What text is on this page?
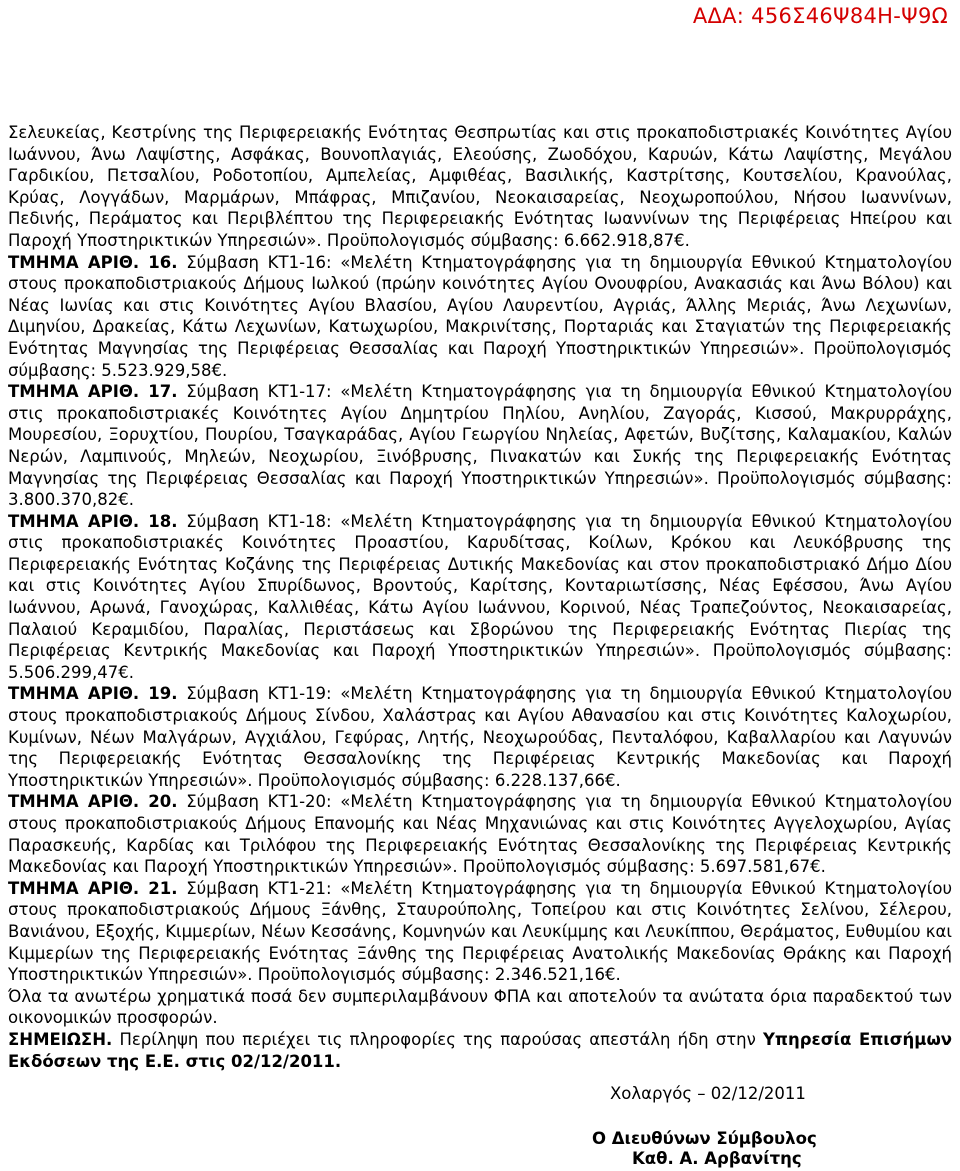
ΑΔΑ: 456Σ46Ψ84Η-Ψ9Ω

Σελευκείας, Κεστρίνης της Περιφερειακής Ενότητας Θεσπρωτίας και στις προκαποδιστριακές Κοινότητες Αγίου Ιωάννου, Άνω Λαψίστης, Ασφάκας, Βουνοπλαγιάς, Ελεούσης, Ζωοδόχου, Καρυών, Κάτω Λαψίστης, Μεγάλου Γαρδικίου, Πετσαλίου, Ροδοτοπίου, Αμπελείας, Αμφιθέας, Βασιλικής, Καστρίτσης, Κουτσελίου, Κρανούλας, Κρύας, Λογγάδων, Μαρμάρων, Μπάφρας, Μπιζανίου, Νεοκαισαρείας, Νεοχωροπούλου, Νήσου Ιωαννίνων, Πεδινής, Περάματος και Περιβλέπτου της Περιφερειακής Ενότητας Ιωαννίνων της Περιφέρειας Ηπείρου και Παροχή Υποστηρικτικών Υπηρεσιών». Προϋπολογισμός σύμβασης: 6.662.918,87€.

ΤΜΗΜΑ ΑΡΙΘ. 16. Σύμβαση ΚΤ1-16: «Μελέτη Κτηματογράφησης για τη δημιουργία Εθνικού Κτηματολογίου στους προκαποδιστριακούς Δήμους Ιωλκού (πρώην κοινότητες Αγίου Ονουφρίου, Ανακασιάς και Άνω Βόλου) και Νέας Ιωνίας και στις Κοινότητες Αγίου Βλασίου, Αγίου Λαυρεντίου, Αγριάς, Άλλης Μεριάς, Άνω Λεχωνίων, Διμηνίου, Δρακείας, Κάτω Λεχωνίων, Κατωχωρίου, Μακρινίτσης, Πορταριάς και Σταγιατών της Περιφερειακής Ενότητας Μαγνησίας της Περιφέρειας Θεσσαλίας και Παροχή Υποστηρικτικών Υπηρεσιών». Προϋπολογισμός σύμβασης: 5.523.929,58€.

ΤΜΗΜΑ ΑΡΙΘ. 17. Σύμβαση ΚΤ1-17: «Μελέτη Κτηματογράφησης για τη δημιουργία Εθνικού Κτηματολογίου στις προκαποδιστριακές Κοινότητες Αγίου Δημητρίου Πηλίου, Ανηλίου, Ζαγοράς, Κισσού, Μακρυρράχης, Μουρεσίου, Ξορυχτίου, Πουρίου, Τσαγκαράδας, Αγίου Γεωργίου Νηλείας, Αφετών, Βυζίτσης, Καλαμακίου, Καλών Νερών, Λαμπινούς, Μηλεών, Νεοχωρίου, Ξινόβρυσης, Πινακατών και Συκής της Περιφερειακής Ενότητας Μαγνησίας της Περιφέρειας Θεσσαλίας και Παροχή Υποστηρικτικών Υπηρεσιών». Προϋπολογισμός σύμβασης: 3.800.370,82€.

ΤΜΗΜΑ ΑΡΙΘ. 18. Σύμβαση ΚΤ1-18: «Μελέτη Κτηματογράφησης για τη δημιουργία Εθνικού Κτηματολογίου στις προκαποδιστριακές Κοινότητες Προαστίου, Καρυδίτσας, Κοίλων, Κρόκου και Λευκόβρυσης της Περιφερειακής Ενότητας Κοζάνης της Περιφέρειας Δυτικής Μακεδονίας και στον προκαποδιστριακό Δήμο Δίου και στις Κοινότητες Αγίου Σπυρίδωνος, Βροντούς, Καρίτσης, Κονταριωτίσσης, Νέας Εφέσσου, Άνω Αγίου Ιωάννου, Αρωνά, Γανοχώρας, Καλλιθέας, Κάτω Αγίου Ιωάννου, Κορινού, Νέας Τραπεζούντος, Νεοκαισαρείας, Παλαιού Κεραμιδίου, Παραλίας, Περιστάσεως και Σβορώνου της Περιφερειακής Ενότητας Πιερίας της Περιφέρειας Κεντρικής Μακεδονίας και Παροχή Υποστηρικτικών Υπηρεσιών». Προϋπολογισμός σύμβασης: 5.506.299,47€.

ΤΜΗΜΑ ΑΡΙΘ. 19. Σύμβαση ΚΤ1-19: «Μελέτη Κτηματογράφησης για τη δημιουργία Εθνικού Κτηματολογίου στους προκαποδιστριακούς Δήμους Σίνδου, Χαλάστρας και Αγίου Αθανασίου και στις Κοινότητες Καλοχωρίου, Κυμίνων, Νέων Μαλγάρων, Αγχιάλου, Γεφύρας, Λητής, Νεοχωρούδας, Πενταλόφου, Καβαλλαρίου και Λαγυνών της Περιφερειακής Ενότητας Θεσσαλονίκης της Περιφέρειας Κεντρικής Μακεδονίας και Παροχή Υποστηρικτικών Υπηρεσιών». Προϋπολογισμός σύμβασης: 6.228.137,66€.

ΤΜΗΜΑ ΑΡΙΘ. 20. Σύμβαση ΚΤ1-20: «Μελέτη Κτηματογράφησης για τη δημιουργία Εθνικού Κτηματολογίου στους προκαποδιστριακούς Δήμους Επανομής και Νέας Μηχανιώνας και στις Κοινότητες Αγγελοχωρίου, Αγίας Παρασκευής, Καρδίας και Τριλόφου της Περιφερειακής Ενότητας Θεσσαλονίκης της Περιφέρειας Κεντρικής Μακεδονίας και Παροχή Υποστηρικτικών Υπηρεσιών». Προϋπολογισμός σύμβασης: 5.697.581,67€.

ΤΜΗΜΑ ΑΡΙΘ. 21. Σύμβαση ΚΤ1-21: «Μελέτη Κτηματογράφησης για τη δημιουργία Εθνικού Κτηματολογίου στους προκαποδιστριακούς Δήμους Ξάνθης, Σταυρούπολης, Τοπείρου και στις Κοινότητες Σελίνου, Σέλερου, Βανιάνου, Εξοχής, Κιμμερίων, Νέων Κεσσάνης, Κομνηνών και Λευκίμμης και Λευκίππου, Θεράματος, Ευθυμίου και Κιμμερίων της Περιφερειακής Ενότητας Ξάνθης της Περιφέρειας Ανατολικής Μακεδονίας Θράκης και Παροχή Υποστηρικτικών Υπηρεσιών». Προϋπολογισμός σύμβασης: 2.346.521,16€.

Όλα τα ανωτέρω χρηματικά ποσά δεν συμπεριλαμβάνουν ΦΠΑ και αποτελούν τα ανώτατα όρια παραδεκτού των οικονομικών προσφορών.

ΣΗΜΕΙΩΣΗ. Περίληψη που περιέχει τις πληροφορίες της παρούσας απεστάλη ήδη στην Υπηρεσία Επισήμων Εκδόσεων της Ε.Ε. στις 02/12/2011.

Χολαργός – 02/12/2011
Ο Διευθύνων Σύμβουλος
Καθ. Α. Αρβανίτης
